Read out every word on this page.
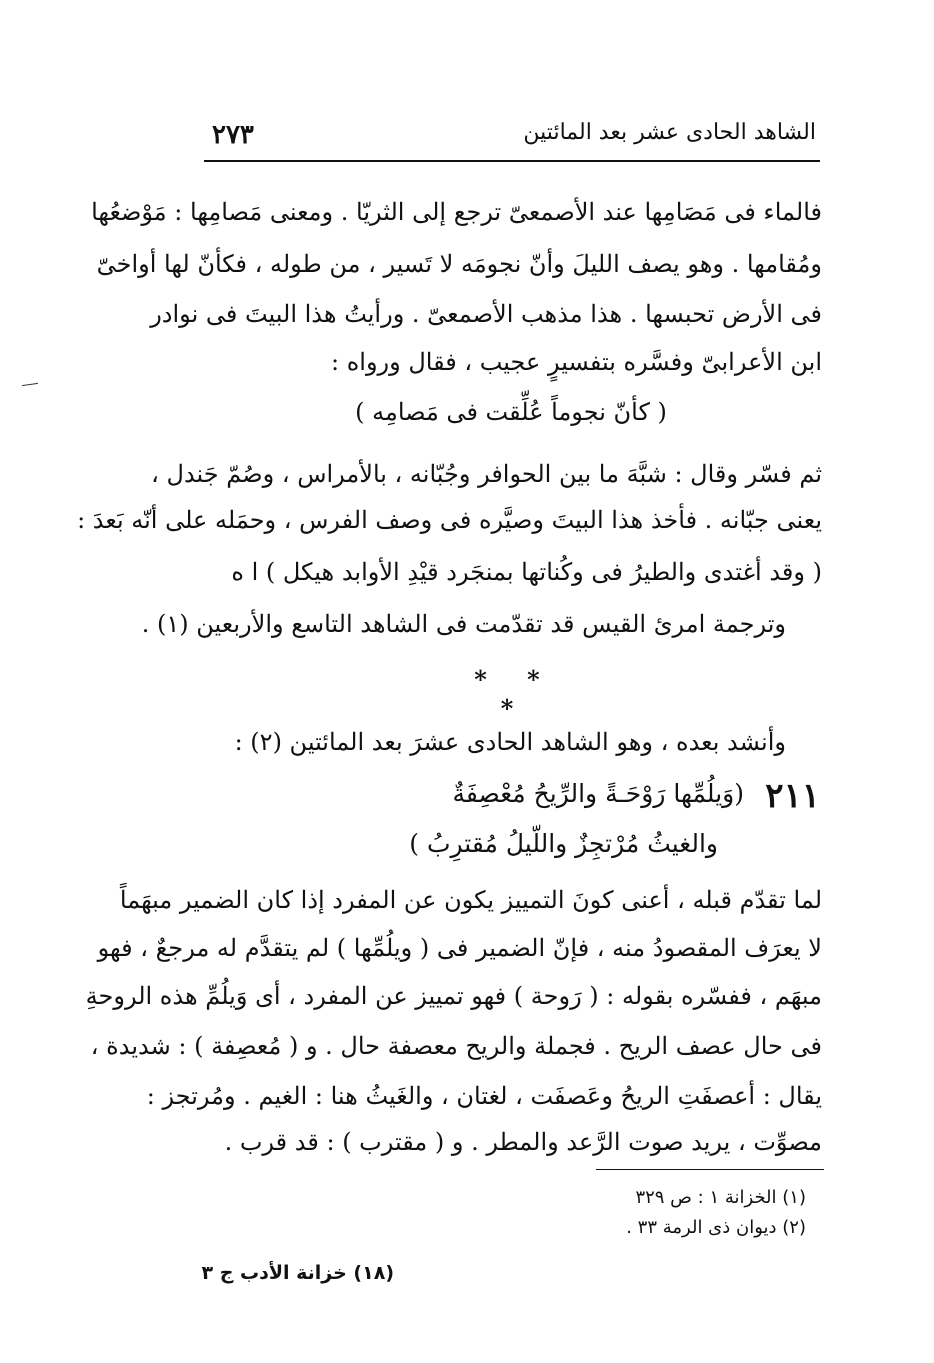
الشاهد الحادى عشر بعد المائتين
٢٧٣
فالماء فى مَصَامِها عند الأصمعىّ ترجع إلى الثريّا . ومعنى مَصامِها : مَوْضعُها
ومُقامها . وهو يصف الليلَ وأنّ نجومَه لا تَسير ، من طوله ، فكأنّ لها أواخىّ
فى الأرض تحبسها . هذا مذهب الأصمعىّ . ورأيتُ هذا البيتَ فى نوادر
ابن الأعرابىّ وفسَّره بتفسيرٍ عجيب ، فقال ورواه :
( كأنّ نجوماً عُلِّقت فى مَصامِه )
ثم فسّر وقال : شبَّهَ ما بين الحوافر وجُبّانه ، بالأمراس ، وصُمّ جَندل ،
يعنى جبّانه . فأخذ هذا البيتَ وصيَّره فى وصف الفرس ، وحمَله على أنّه بَعدَ :
( وقد أغتدى والطيرُ فى وكُناتها بمنجَرد قيْدِ الأوابد هيكل ) ا ه
وترجمة امرئ القيس قد تقدّمت فى الشاهد التاسع والأربعين (١) .
* * *
وأنشد بعده ، وهو الشاهد الحادى عشرَ بعد المائتين (٢) :
٢١١
(وَيلُمِّها رَوْحَـةً والرِّيحُ مُعْصِفَةٌ
والغيثُ مُرْتجِزٌ واللّيلُ مُقترِبُ )
لما تقدّم قبله ، أعنى كونَ التمييز يكون عن المفرد إذا كان الضمير مبهَماً
لا يعرَف المقصودُ منه ، فإنّ الضمير فى ( ويلُمِّها ) لم يتقدَّم له مرجعٌ ، فهو
مبهَم ، ففسّره بقوله : ( رَوحة ) فهو تمييز عن المفرد ، أى وَيلُمِّ هذه الروحةِ
فى حال عصف الريح . فجملة والريح معصفة حال . و ( مُعصِفة ) : شديدة ،
يقال : أعصفَتِ الريحُ وعَصفَت ، لغتان ، والغَيثُ هنا : الغيم . ومُرتجز :
مصوِّت ، يريد صوت الرَّعد والمطر . و ( مقترب ) : قد قرب .
(١) الخزانة ١ : ص ٣٢٩
(٢) ديوان ذى الرمة ٣٣ .
(١٨) خزانة الأدب ج ٣
